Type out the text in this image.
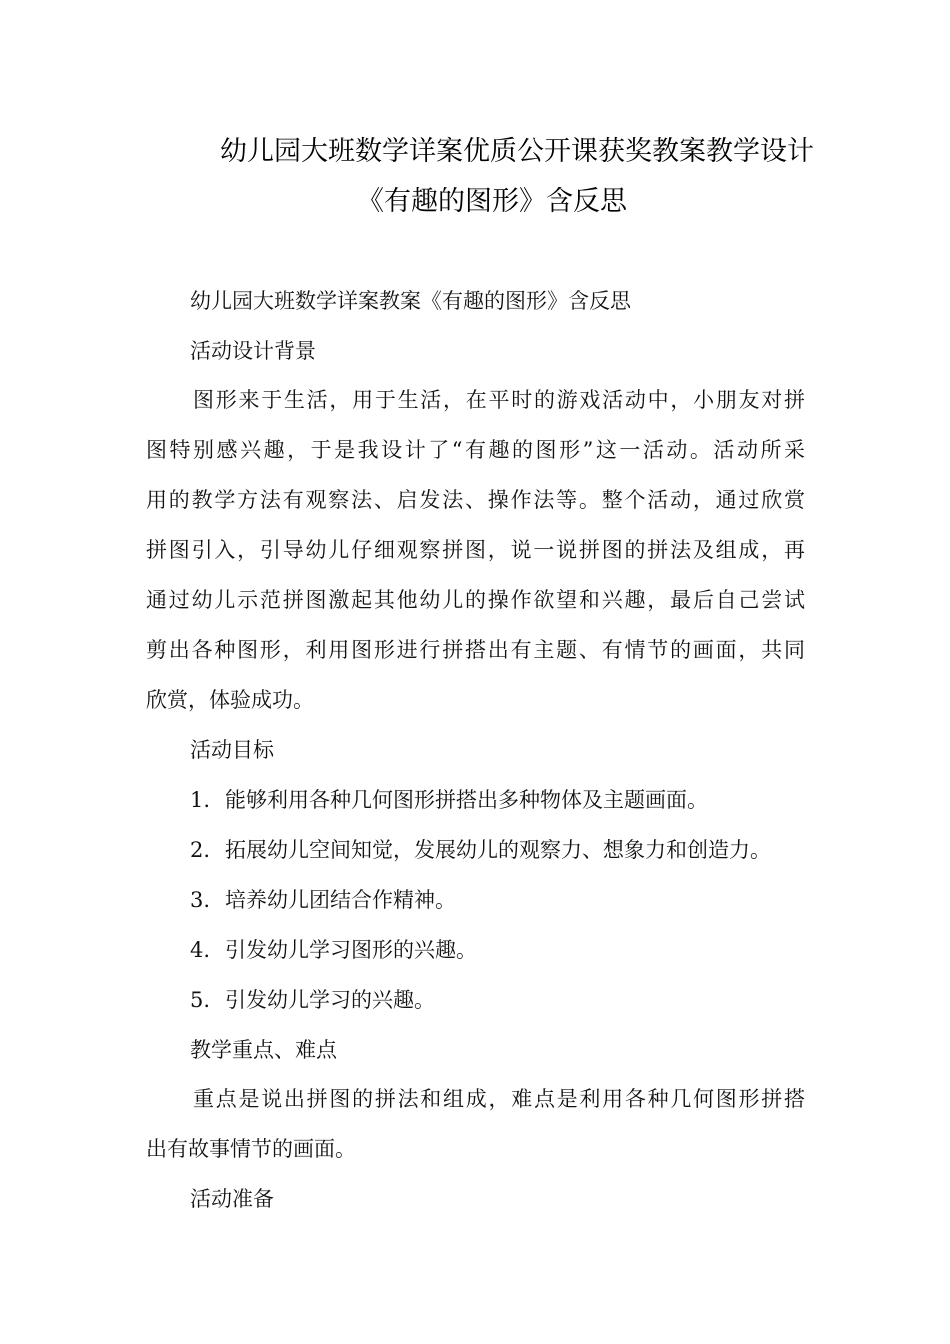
幼儿园大班数学详案优质公开课获奖教案教学设计
《有趣的图形》含反思
幼儿园大班数学详案教案《有趣的图形》含反思
活动设计背景
图形来于生活，用于生活，在平时的游戏活动中，小朋友对拼
图特别感兴趣，于是我设计了“有趣的图形”这一活动。活动所采
用的教学方法有观察法、启发法、操作法等。整个活动，通过欣赏
拼图引入，引导幼儿仔细观察拼图，说一说拼图的拼法及组成，再
通过幼儿示范拼图激起其他幼儿的操作欲望和兴趣，最后自己尝试
剪出各种图形，利用图形进行拼搭出有主题、有情节的画面，共同
欣赏，体验成功。
活动目标
1. 能够利用各种几何图形拼搭出多种物体及主题画面。
2. 拓展幼儿空间知觉，发展幼儿的观察力、想象力和创造力。
3. 培养幼儿团结合作精神。
4. 引发幼儿学习图形的兴趣。
5. 引发幼儿学习的兴趣。
教学重点、难点
重点是说出拼图的拼法和组成，难点是利用各种几何图形拼搭
出有故事情节的画面。
活动准备
